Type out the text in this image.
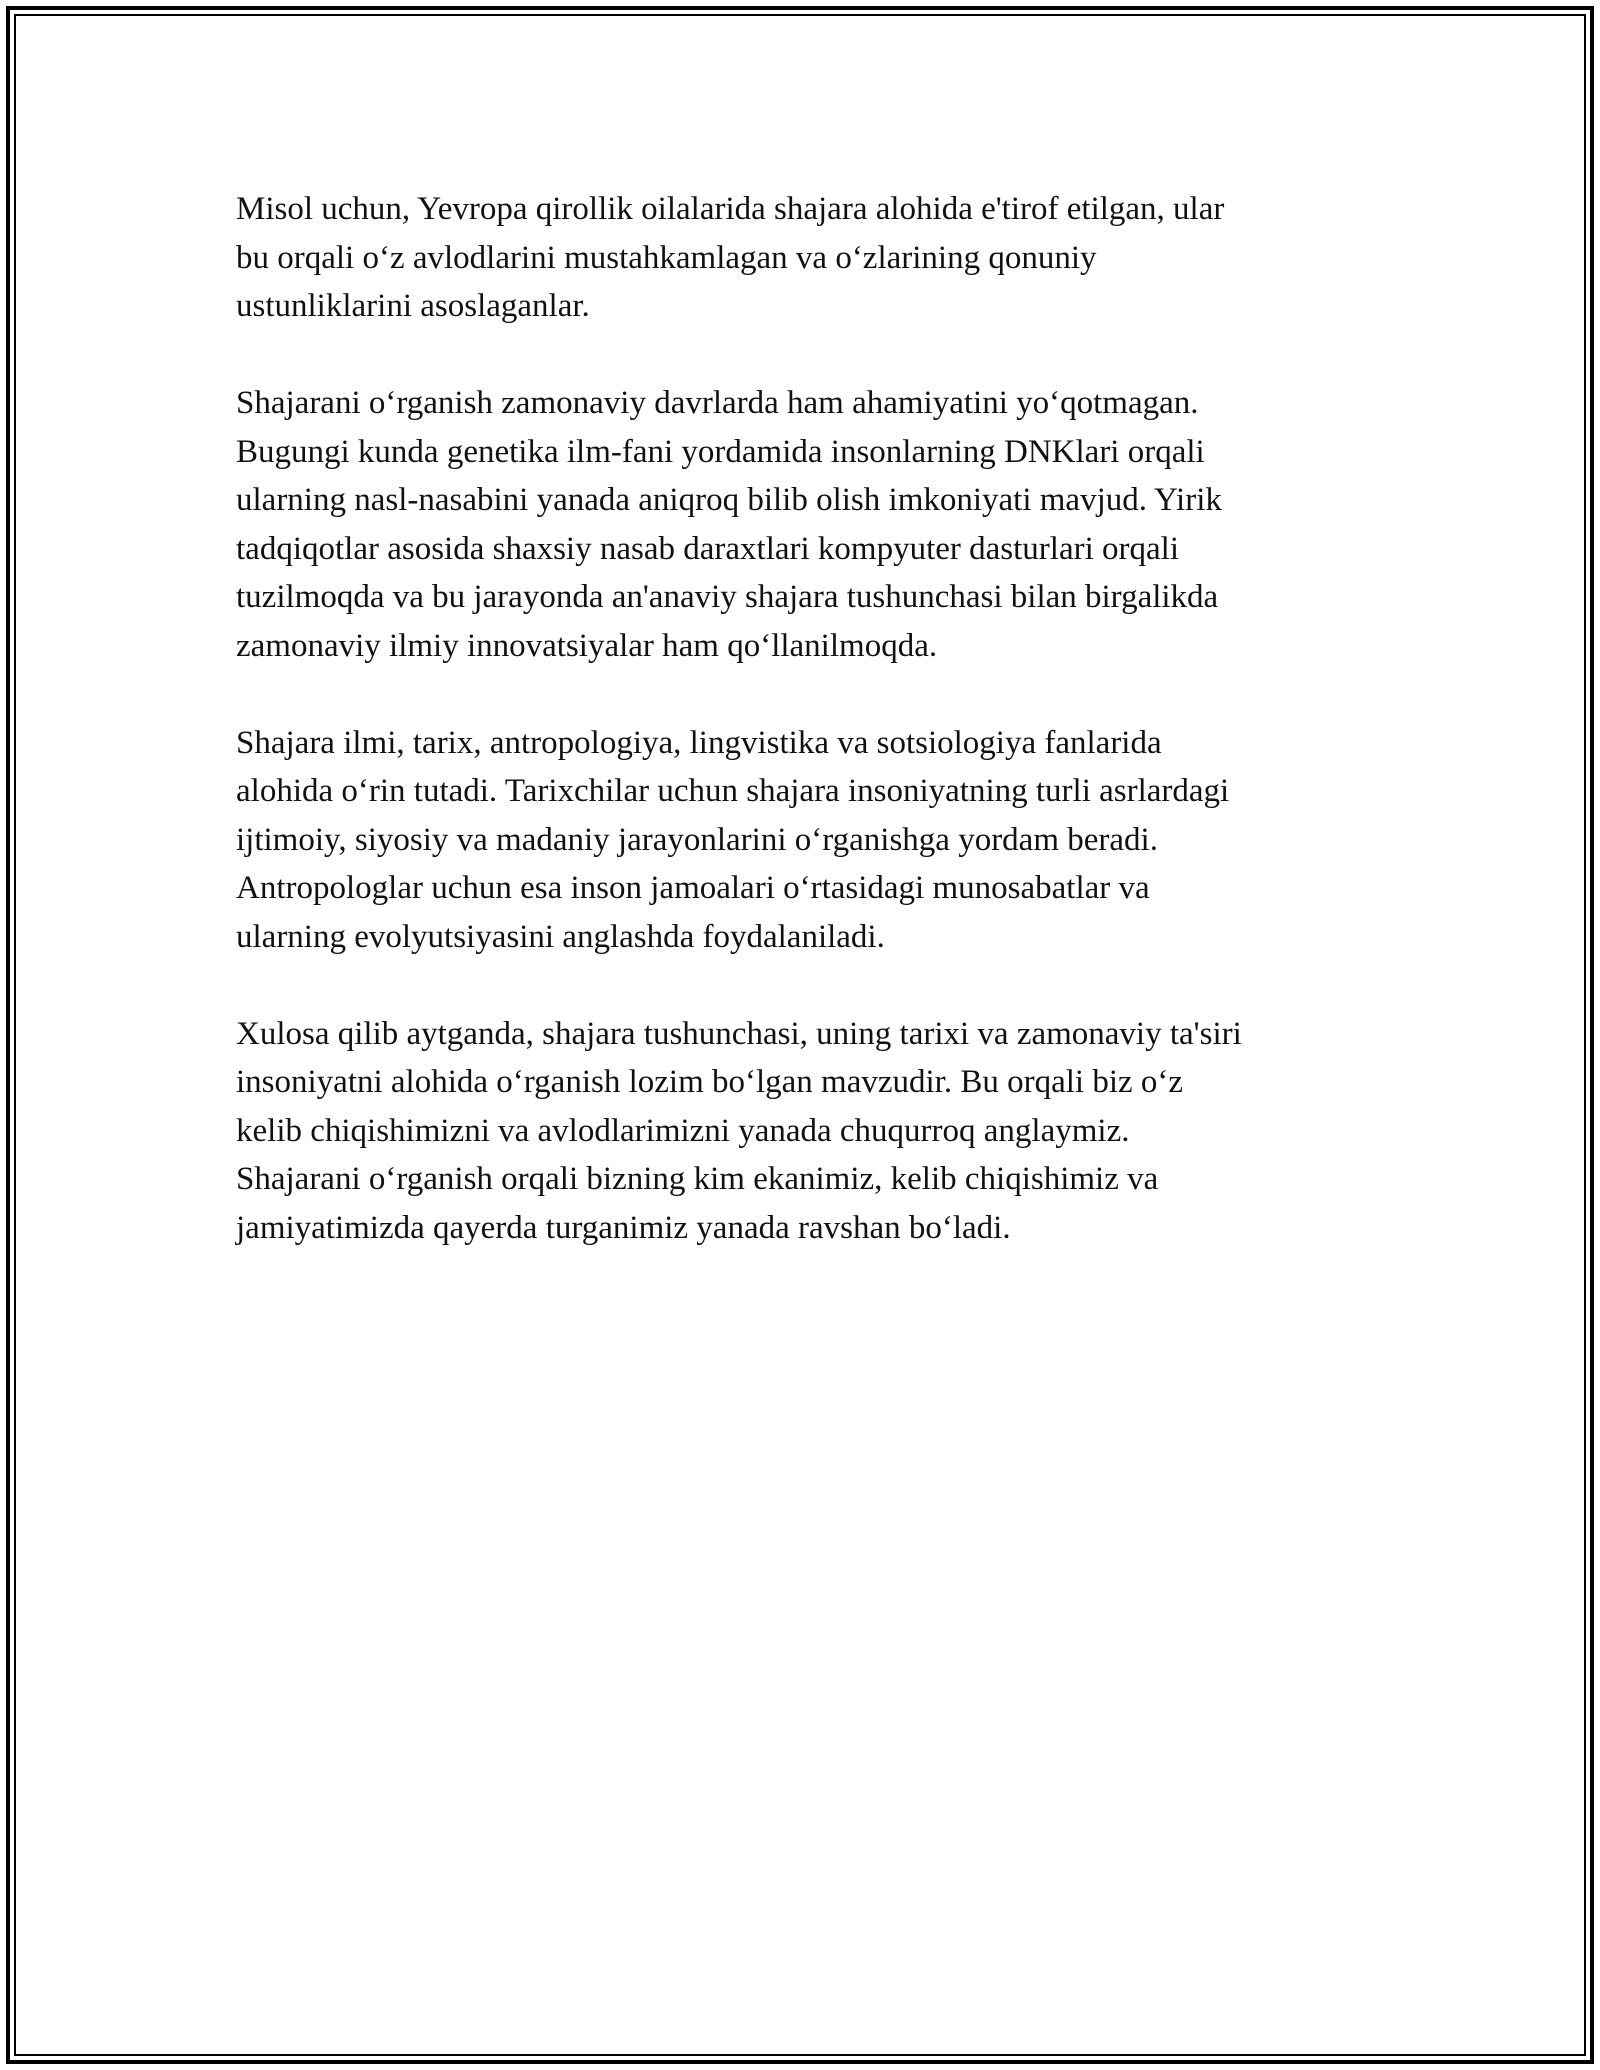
Misol uchun, Yevropa qirollik oilalarida shajara alohida e'tirof etilgan, ular
bu orqali o‘z avlodlarini mustahkamlagan va o‘zlarining qonuniy
ustunliklarini asoslaganlar.

Shajarani o‘rganish zamonaviy davrlarda ham ahamiyatini yo‘qotmagan.
Bugungi kunda genetika ilm-fani yordamida insonlarning DNKlari orqali
ularning nasl-nasabini yanada aniqroq bilib olish imkoniyati mavjud. Yirik
tadqiqotlar asosida shaxsiy nasab daraxtlari kompyuter dasturlari orqali
tuzilmoqda va bu jarayonda an'anaviy shajara tushunchasi bilan birgalikda
zamonaviy ilmiy innovatsiyalar ham qo‘llanilmoqda.

Shajara ilmi, tarix, antropologiya, lingvistika va sotsiologiya fanlarida
alohida o‘rin tutadi. Tarixchilar uchun shajara insoniyatning turli asrlardagi
ijtimoiy, siyosiy va madaniy jarayonlarini o‘rganishga yordam beradi.
Antropologlar uchun esa inson jamoalari o‘rtasidagi munosabatlar va
ularning evolyutsiyasini anglashda foydalaniladi.

Xulosa qilib aytganda, shajara tushunchasi, uning tarixi va zamonaviy ta'siri
insoniyatni alohida o‘rganish lozim bo‘lgan mavzudir. Bu orqali biz o‘z
kelib chiqishimizni va avlodlarimizni yanada chuqurroq anglaymiz.
Shajarani o‘rganish orqali bizning kim ekanimiz, kelib chiqishimiz va
jamiyatimizda qayerda turganimiz yanada ravshan bo‘ladi.
